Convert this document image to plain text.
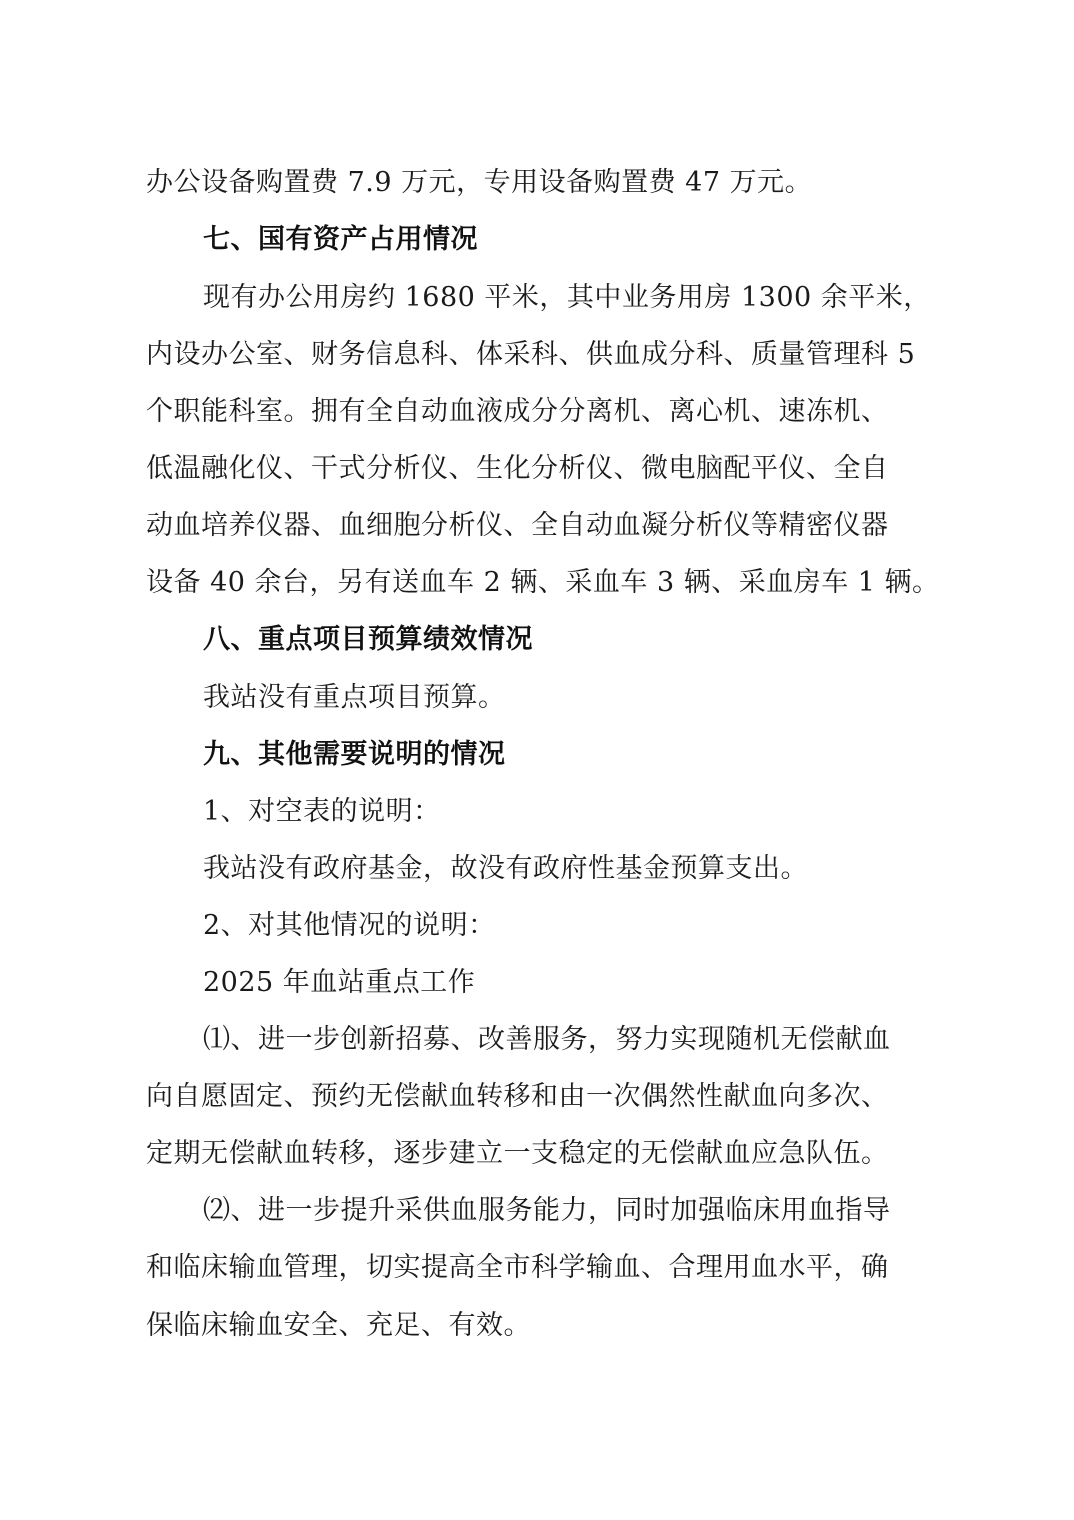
办公设备购置费 7.9 万元，专用设备购置费 47 万元。
七、国有资产占用情况
现有办公用房约 1680 平米，其中业务用房 1300 余平米，
内设办公室、财务信息科、体采科、供血成分科、质量管理科 5
个职能科室。拥有全自动血液成分分离机、离心机、速冻机、
低温融化仪、干式分析仪、生化分析仪、微电脑配平仪、全自
动血培养仪器、血细胞分析仪、全自动血凝分析仪等精密仪器
设备 40 余台，另有送血车 2 辆、采血车 3 辆、采血房车 1 辆。
八、重点项目预算绩效情况
我站没有重点项目预算。
九、其他需要说明的情况
1、对空表的说明：
我站没有政府基金，故没有政府性基金预算支出。
2、对其他情况的说明：
2025 年血站重点工作
⑴、进一步创新招募、改善服务，努力实现随机无偿献血
向自愿固定、预约无偿献血转移和由一次偶然性献血向多次、
定期无偿献血转移，逐步建立一支稳定的无偿献血应急队伍。
⑵、进一步提升采供血服务能力，同时加强临床用血指导
和临床输血管理，切实提高全市科学输血、合理用血水平，确
保临床输血安全、充足、有效。
